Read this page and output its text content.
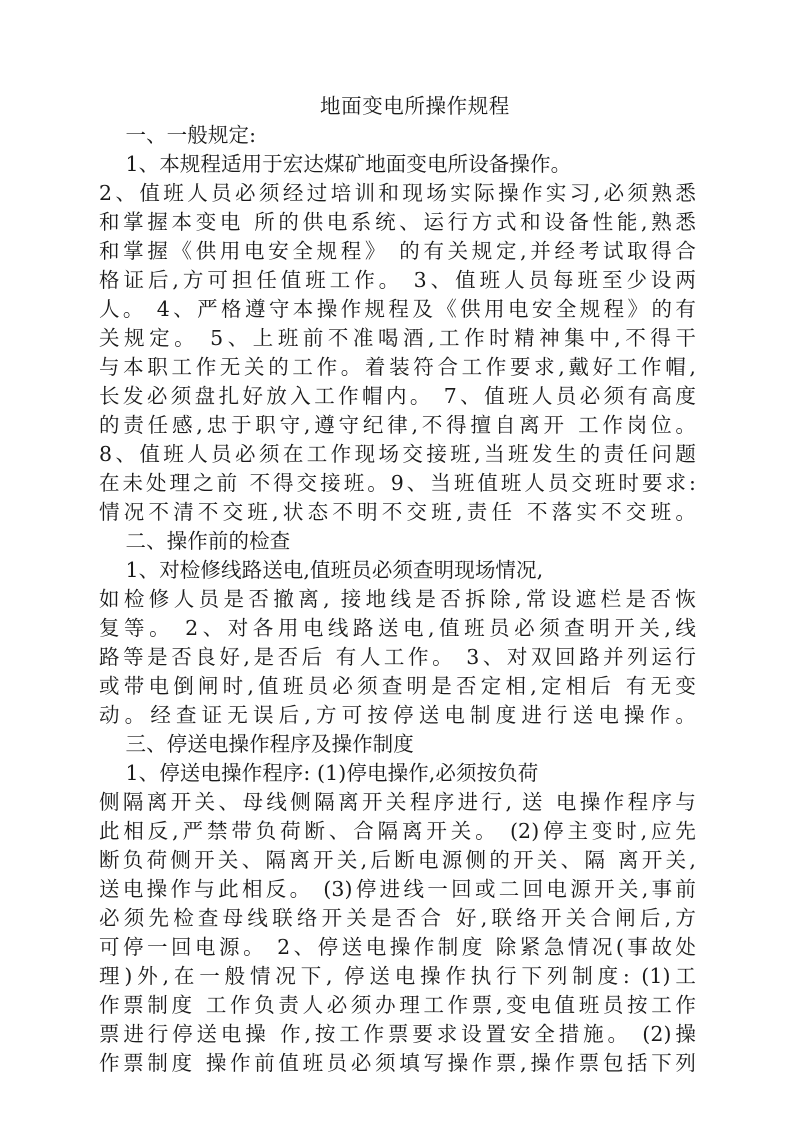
地面变电所操作规程
一、一般规定:
1、本规程适用于宏达煤矿地面变电所设备操作。
2、值班人员必须经过培训和现场实际操作实习,必须熟悉
和掌握本变电 所的供电系统、运行方式和设备性能,熟悉
和掌握《供用电安全规程》 的有关规定,并经考试取得合
格证后,方可担任值班工作。 3、值班人员每班至少设两
人。 4、严格遵守本操作规程及《供用电安全规程》的有
关规定。 5、上班前不准喝酒,工作时精神集中,不得干
与本职工作无关的工作。着装符合工作要求,戴好工作帽,
长发必须盘扎好放入工作帽内。 7、值班人员必须有高度
的责任感,忠于职守,遵守纪律,不得擅自离开 工作岗位。
8、值班人员必须在工作现场交接班,当班发生的责任问题
在未处理之前 不得交接班。9、当班值班人员交班时要求:
情况不清不交班,状态不明不交班,责任 不落实不交班。
二、操作前的检查
1、对检修线路送电,值班员必须查明现场情况,
如检修人员是否撤离, 接地线是否拆除,常设遮栏是否恢
复等。 2、对各用电线路送电,值班员必须查明开关,线
路等是否良好,是否后 有人工作。 3、对双回路并列运行
或带电倒闸时,值班员必须查明是否定相,定相后 有无变
动。经查证无误后,方可按停送电制度进行送电操作。
三、停送电操作程序及操作制度
1、停送电操作程序: (1)停电操作,必须按负荷
侧隔离开关、母线侧隔离开关程序进行, 送 电操作程序与
此相反,严禁带负荷断、合隔离开关。 (2)停主变时,应先
断负荷侧开关、隔离开关,后断电源侧的开关、隔 离开关,
送电操作与此相反。 (3)停进线一回或二回电源开关,事前
必须先检查母线联络开关是否合 好,联络开关合闸后,方
可停一回电源。 2、停送电操作制度 除紧急情况(事故处
理)外,在一般情况下, 停送电操作执行下列制度: (1)工
作票制度 工作负责人必须办理工作票,变电值班员按工作
票进行停送电操 作,按工作票要求设置安全措施。 (2)操
作票制度 操作前值班员必须填写操作票,操作票包括下列
